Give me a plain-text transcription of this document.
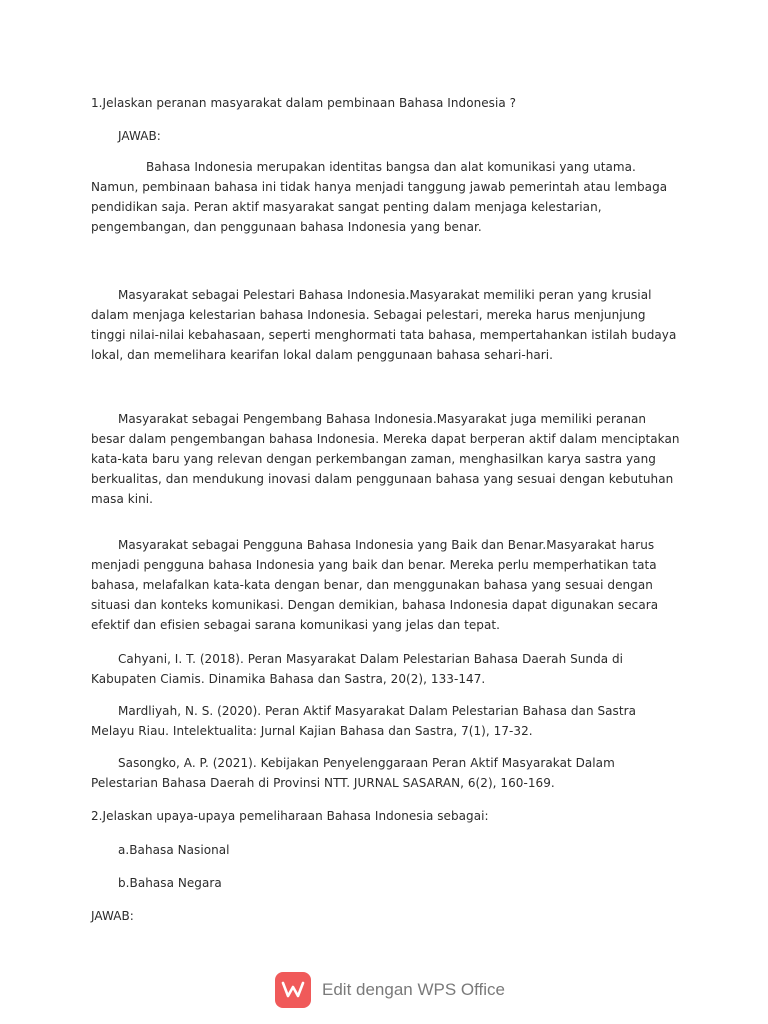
1.Jelaskan peranan masyarakat dalam pembinaan Bahasa Indonesia ?

JAWAB:

Bahasa Indonesia merupakan identitas bangsa dan alat komunikasi yang utama. Namun, pembinaan bahasa ini tidak hanya menjadi tanggung jawab pemerintah atau lembaga pendidikan saja. Peran aktif masyarakat sangat penting dalam menjaga kelestarian, pengembangan, dan penggunaan bahasa Indonesia yang benar.

Masyarakat sebagai Pelestari Bahasa Indonesia.Masyarakat memiliki peran yang krusial dalam menjaga kelestarian bahasa Indonesia. Sebagai pelestari, mereka harus menjunjung tinggi nilai-nilai kebahasaan, seperti menghormati tata bahasa, mempertahankan istilah budaya lokal, dan memelihara kearifan lokal dalam penggunaan bahasa sehari-hari.

Masyarakat sebagai Pengembang Bahasa Indonesia.Masyarakat juga memiliki peranan besar dalam pengembangan bahasa Indonesia. Mereka dapat berperan aktif dalam menciptakan kata-kata baru yang relevan dengan perkembangan zaman, menghasilkan karya sastra yang berkualitas, dan mendukung inovasi dalam penggunaan bahasa yang sesuai dengan kebutuhan masa kini.

Masyarakat sebagai Pengguna Bahasa Indonesia yang Baik dan Benar.Masyarakat harus menjadi pengguna bahasa Indonesia yang baik dan benar. Mereka perlu memperhatikan tata bahasa, melafalkan kata-kata dengan benar, dan menggunakan bahasa yang sesuai dengan situasi dan konteks komunikasi. Dengan demikian, bahasa Indonesia dapat digunakan secara efektif dan efisien sebagai sarana komunikasi yang jelas dan tepat.

Cahyani, I. T. (2018). Peran Masyarakat Dalam Pelestarian Bahasa Daerah Sunda di Kabupaten Ciamis. Dinamika Bahasa dan Sastra, 20(2), 133-147.

Mardliyah, N. S. (2020). Peran Aktif Masyarakat Dalam Pelestarian Bahasa dan Sastra Melayu Riau. Intelektualita: Jurnal Kajian Bahasa dan Sastra, 7(1), 17-32.

Sasongko, A. P. (2021). Kebijakan Penyelenggaraan Peran Aktif Masyarakat Dalam Pelestarian Bahasa Daerah di Provinsi NTT. JURNAL SASARAN, 6(2), 160-169.

2.Jelaskan upaya-upaya pemeliharaan Bahasa Indonesia sebagai:

a.Bahasa Nasional

b.Bahasa Negara

JAWAB:

Edit dengan WPS Office
